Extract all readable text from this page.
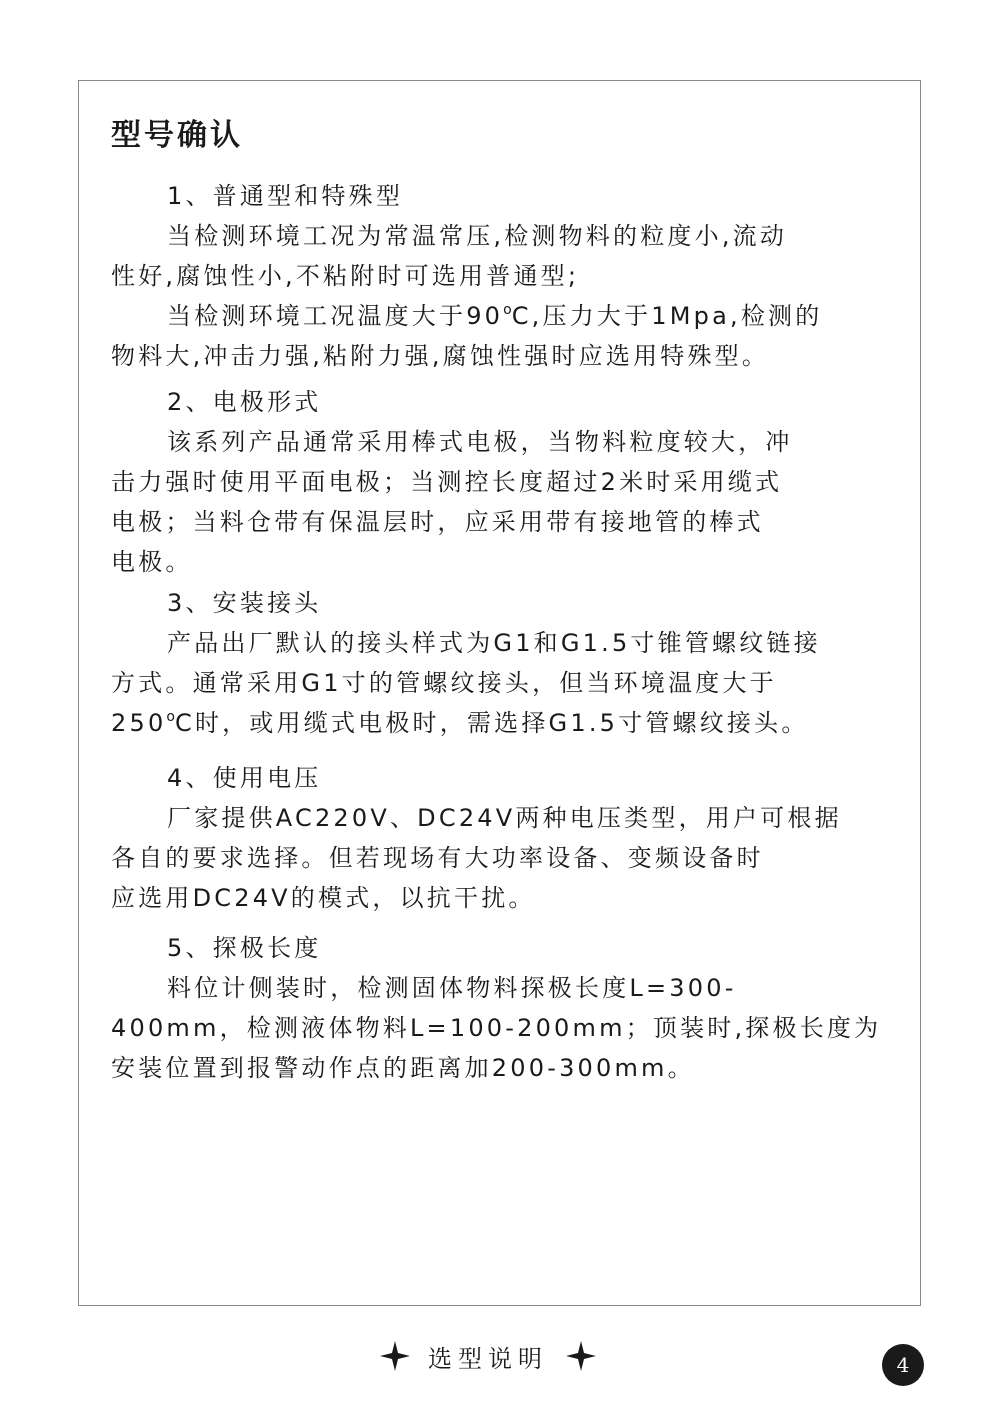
型号确认
1、普通型和特殊型
当检测环境工况为常温常压,检测物料的粒度小,流动
性好,腐蚀性小,不粘附时可选用普通型;
当检测环境工况温度大于90$^o$C,压力大于1Mpa,检测的
物料大,冲击力强,粘附力强,腐蚀性强时应选用特殊型。
2、电极形式
该系列产品通常采用棒式电极，当物料粒度较大，冲
击力强时使用平面电极；当测控长度超过2米时采用缆式
电极；当料仓带有保温层时，应采用带有接地管的棒式
电极。
3、安装接头
产品出厂默认的接头样式为G1和G1.5寸锥管螺纹链接
方式。通常采用G1寸的管螺纹接头，但当环境温度大于
250$^o$C时，或用缆式电极时，需选择G1.5寸管螺纹接头。
4、使用电压
厂家提供AC220V、DC24V两种电压类型，用户可根据
各自的要求选择。但若现场有大功率设备、变频设备时
应选用DC24V的模式，以抗干扰。
5、探极长度
料位计侧装时，检测固体物料探极长度L=300-
400mm，检测液体物料L=100-200mm；顶装时,探极长度为
安装位置到报警动作点的距离加200-300mm。
选型说明	4
